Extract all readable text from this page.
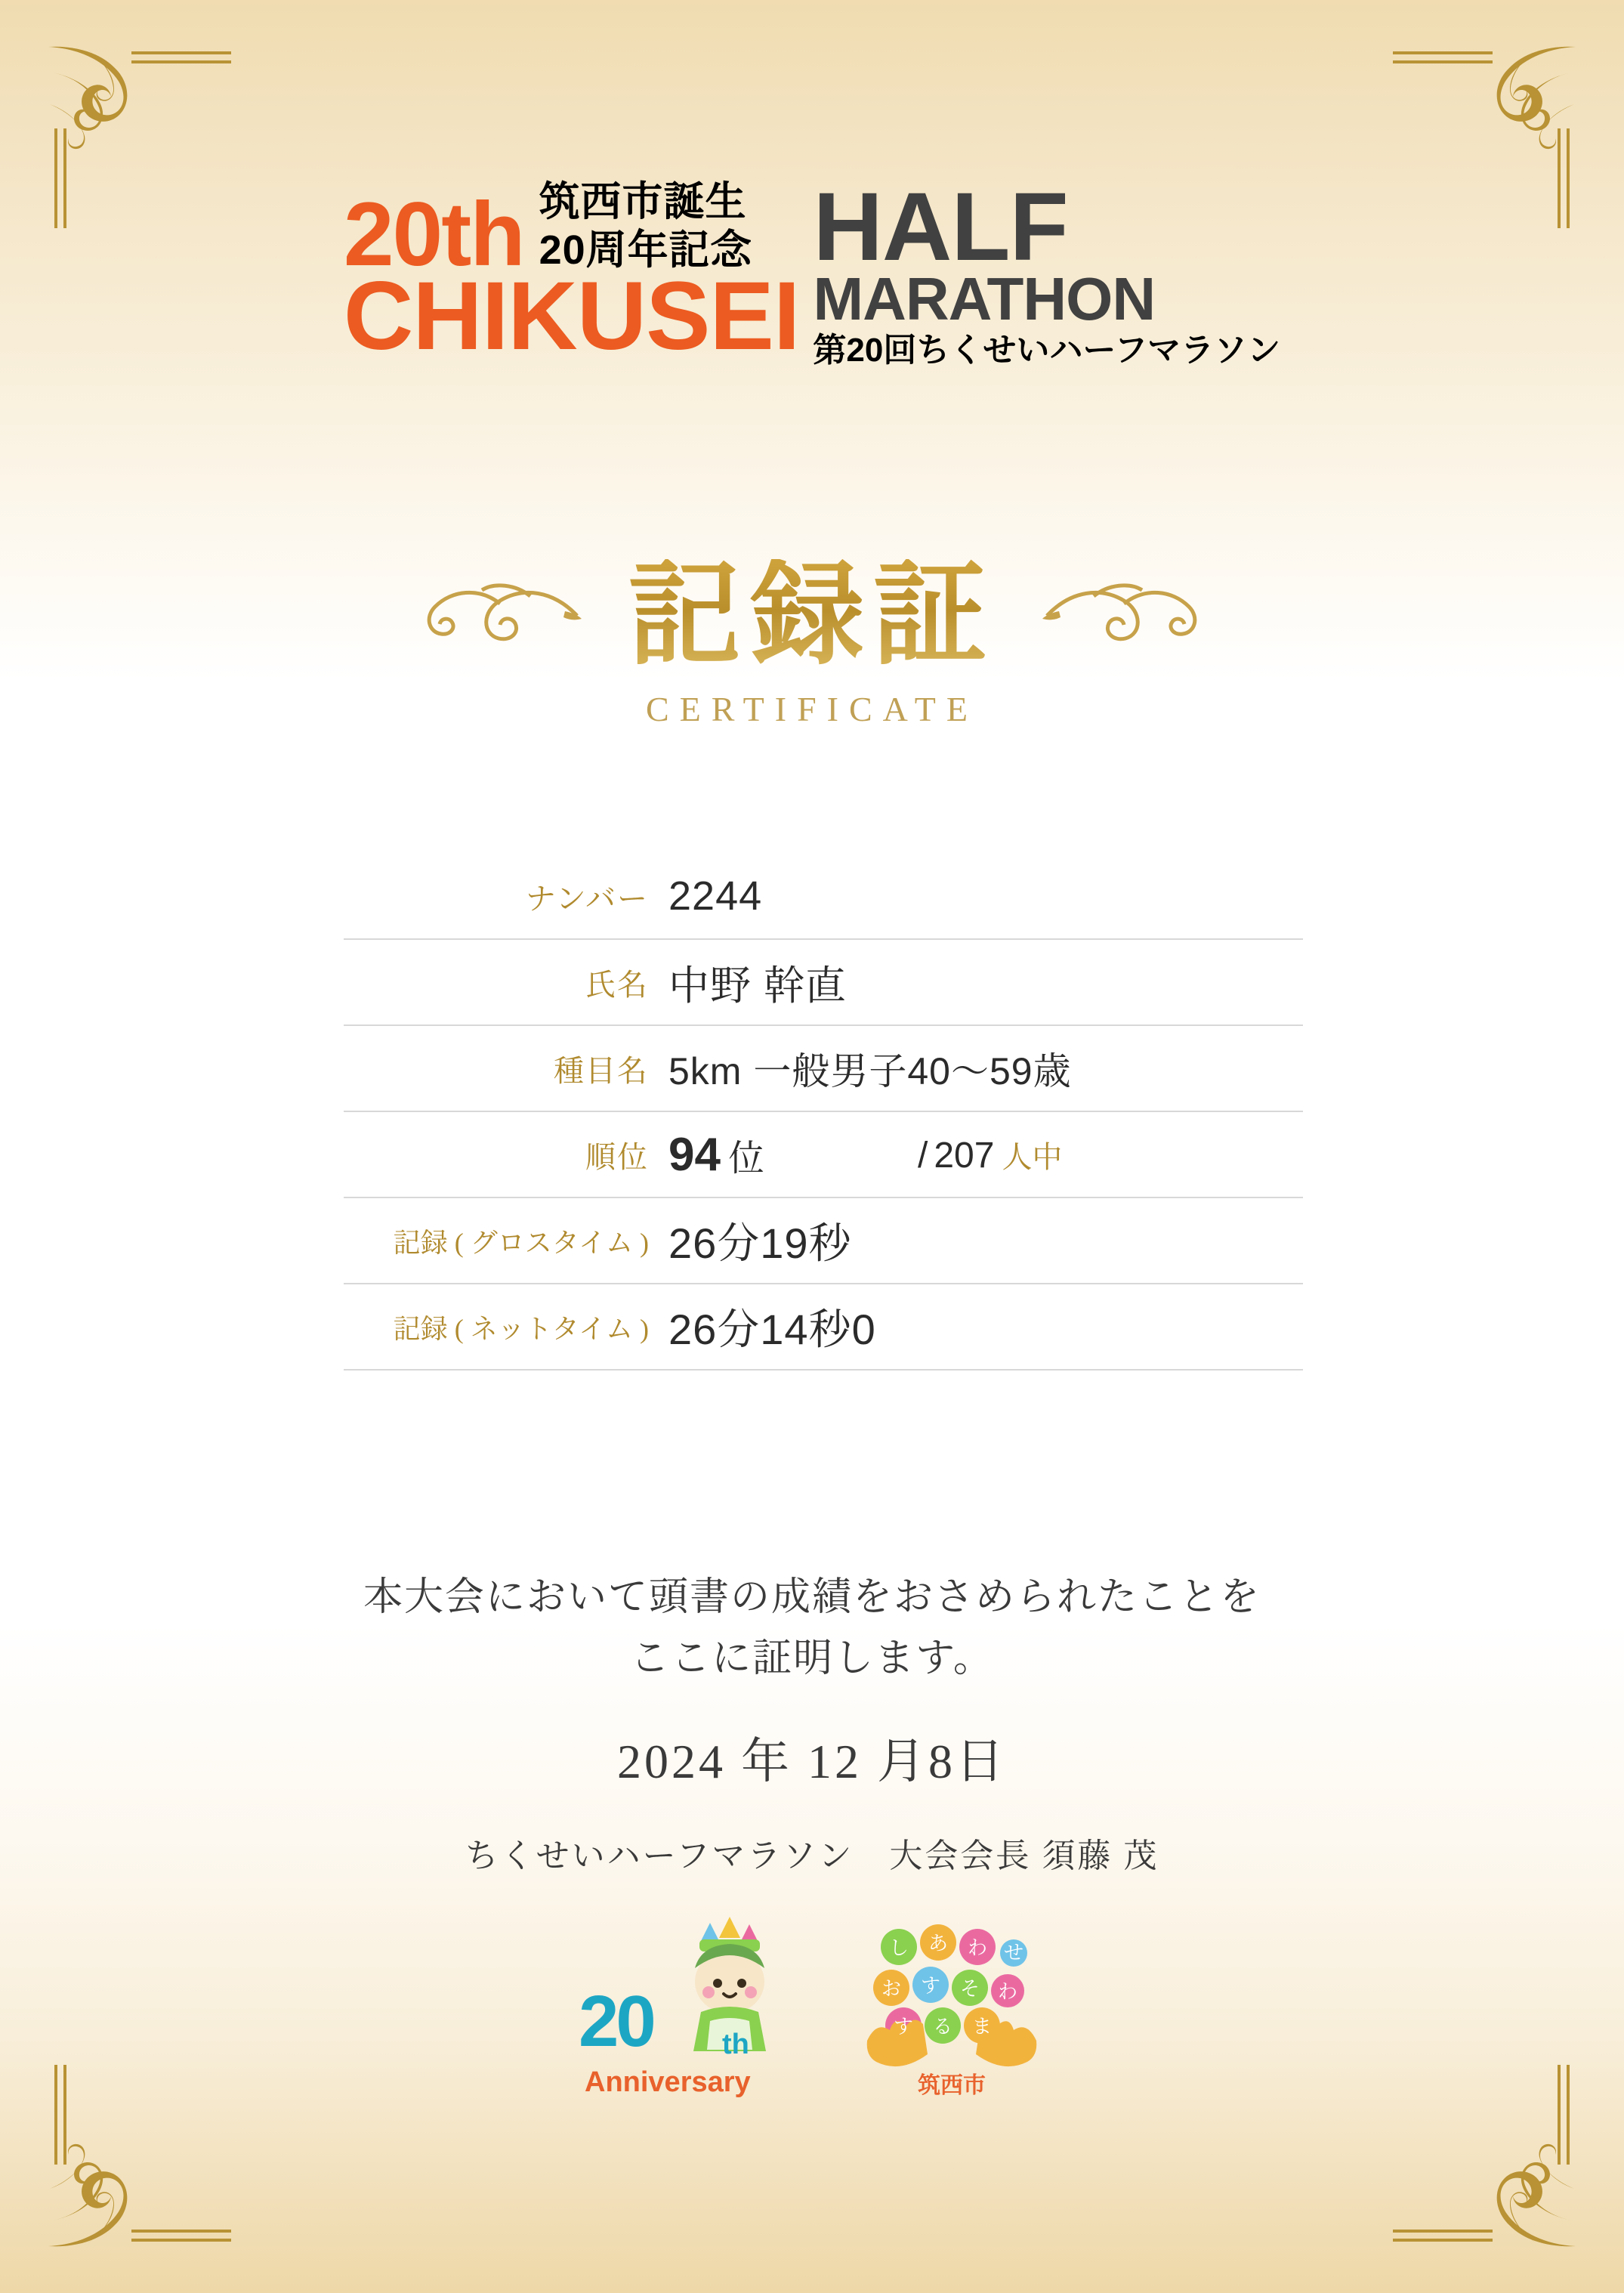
20th 筑西市誕生
20周年記念
CHIKUSEI
HALF
MARATHON
第20回ちくせいハーフマラソン
記録証
CERTIFICATE
ナンバー 2244
氏名 中野 幹直
種目名 5km 一般男子40〜59歳
順位 94 位	/ 207 人中
記録 ( グロスタイム ) 26分19秒
記録 ( ネットタイム ) 26分14秒0
本大会において頭書の成績をおさめられたことを
ここに証明します。
2024 年 12 月8日
ちくせいハーフマラソン　大会会長 須藤 茂
20 th
Anniversary
し あ わ せ
お す そ わ
す る ま
筑西市
